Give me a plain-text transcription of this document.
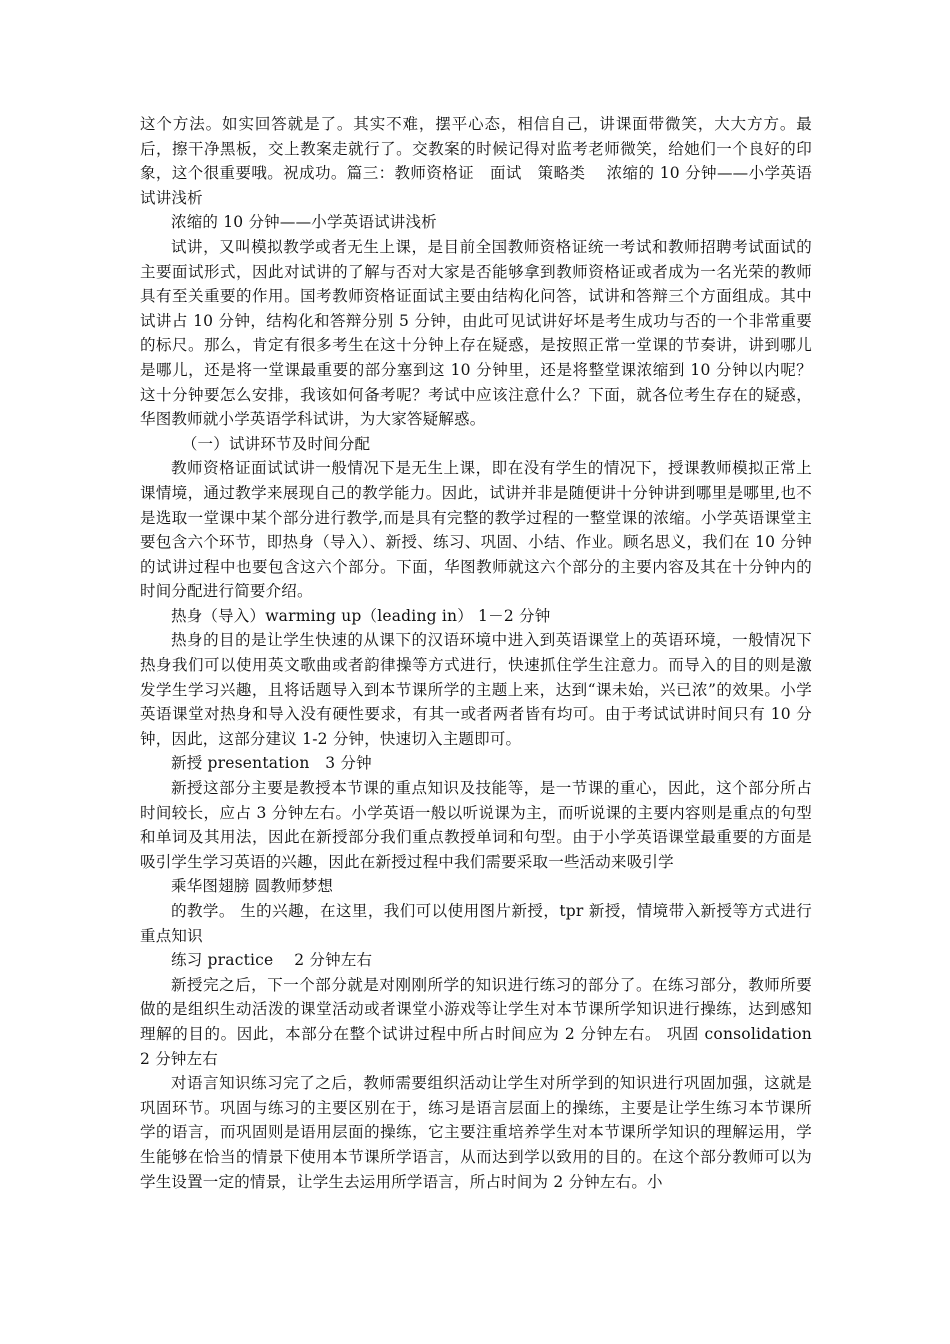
这个方法。如实回答就是了。其实不难，摆平心态，相信自己，讲课面带微笑，大大方方。最后，擦干净黑板，交上教案走就行了。交教案的时候记得对监考老师微笑，给她们一个良好的印象，这个很重要哦。祝成功。篇三：教师资格证　面试　策略类　 浓缩的 10 分钟——小学英语试讲浅析

浓缩的 10 分钟——小学英语试讲浅析

试讲，又叫模拟教学或者无生上课，是目前全国教师资格证统一考试和教师招聘考试面试的主要面试形式，因此对试讲的了解与否对大家是否能够拿到教师资格证或者成为一名光荣的教师具有至关重要的作用。国考教师资格证面试主要由结构化问答，试讲和答辩三个方面组成。其中试讲占 10 分钟，结构化和答辩分别 5 分钟，由此可见试讲好坏是考生成功与否的一个非常重要的标尺。那么，肯定有很多考生在这十分钟上存在疑惑，是按照正常一堂课的节奏讲，讲到哪儿是哪儿，还是将一堂课最重要的部分塞到这 10 分钟里，还是将整堂课浓缩到 10 分钟以内呢？这十分钟要怎么安排，我该如何备考呢？考试中应该注意什么？下面，就各位考生存在的疑惑，华图教师就小学英语学科试讲，为大家答疑解惑。

（一）试讲环节及时间分配

教师资格证面试试讲一般情况下是无生上课，即在没有学生的情况下，授课教师模拟正常上课情境，通过教学来展现自己的教学能力。因此，试讲并非是随便讲十分钟讲到哪里是哪里,也不是选取一堂课中某个部分进行教学,而是具有完整的教学过程的一整堂课的浓缩。小学英语课堂主要包含六个环节，即热身（导入）、新授、练习、巩固、小结、作业。顾名思义，我们在 10 分钟的试讲过程中也要包含这六个部分。下面，华图教师就这六个部分的主要内容及其在十分钟内的时间分配进行简要介绍。

热身（导入）warming up（leading in） 1－2 分钟

热身的目的是让学生快速的从课下的汉语环境中进入到英语课堂上的英语环境，一般情况下热身我们可以使用英文歌曲或者韵律操等方式进行，快速抓住学生注意力。而导入的目的则是激发学生学习兴趣，且将话题导入到本节课所学的主题上来，达到“课未始，兴已浓”的效果。小学英语课堂对热身和导入没有硬性要求，有其一或者两者皆有均可。由于考试试讲时间只有 10 分钟，因此，这部分建议 1-2 分钟，快速切入主题即可。

新授 presentation　3 分钟

新授这部分主要是教授本节课的重点知识及技能等，是一节课的重心，因此，这个部分所占时间较长，应占 3 分钟左右。小学英语一般以听说课为主，而听说课的主要内容则是重点的句型和单词及其用法，因此在新授部分我们重点教授单词和句型。由于小学英语课堂最重要的方面是吸引学生学习英语的兴趣，因此在新授过程中我们需要采取一些活动来吸引学

乘华图翅膀 圆教师梦想

的教学。 生的兴趣，在这里，我们可以使用图片新授，tpr 新授，情境带入新授等方式进行重点知识

练习 practice　 2 分钟左右

新授完之后，下一个部分就是对刚刚所学的知识进行练习的部分了。在练习部分，教师所要做的是组织生动活泼的课堂活动或者课堂小游戏等让学生对本节课所学知识进行操练，达到感知理解的目的。因此，本部分在整个试讲过程中所占时间应为 2 分钟左右。 巩固 consolidation　 2 分钟左右

对语言知识练习完了之后，教师需要组织活动让学生对所学到的知识进行巩固加强，这就是巩固环节。巩固与练习的主要区别在于，练习是语言层面上的操练，主要是让学生练习本节课所学的语言，而巩固则是语用层面的操练，它主要注重培养学生对本节课所学知识的理解运用，学生能够在恰当的情景下使用本节课所学语言，从而达到学以致用的目的。在这个部分教师可以为学生设置一定的情景，让学生去运用所学语言，所占时间为 2 分钟左右。小
